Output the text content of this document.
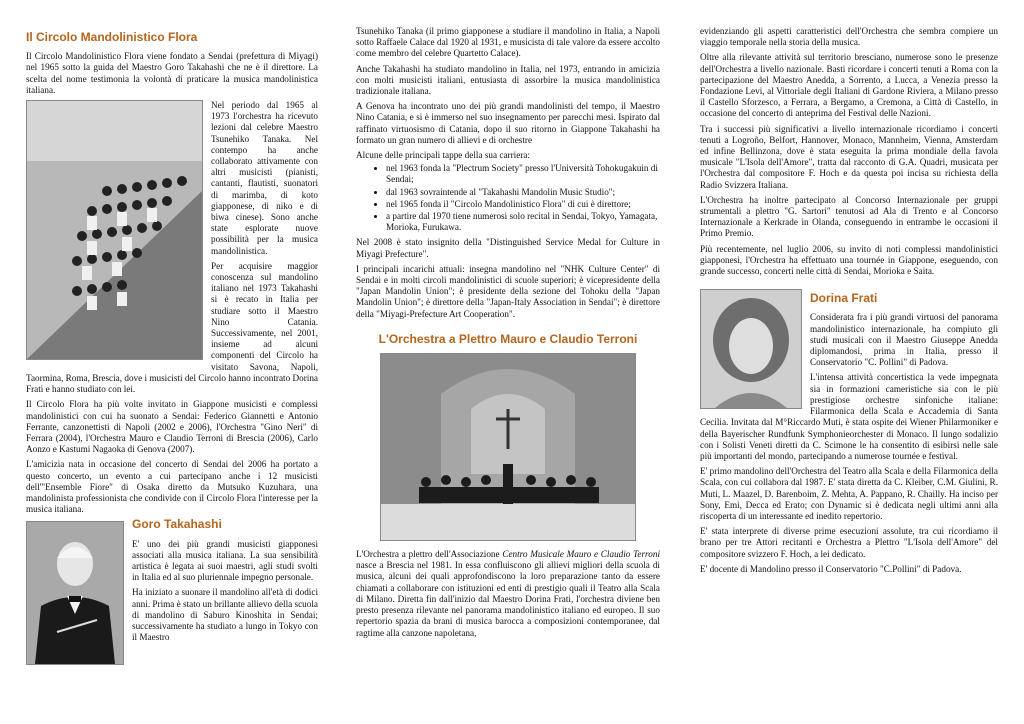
Il Circolo Mandolinistico Flora

Il Circolo Mandolinistico Flora viene fondato a Sendai (prefettura di Miyagi) nel 1965 sotto la guida del Maestro Goro Takahashi che ne è il direttore. La scelta del nome testimonia la volontà di praticare la musica mandolinistica italiana.

Nel periodo dal 1965 al 1973 l'orchestra ha ricevuto lezioni dal celebre Maestro Tsunehiko Tanaka. Nel contempo ha anche collaborato attivamente con altri musicisti (pianisti, cantanti, flautisti, suonatori di marimba, di koto giapponese, di niko e di biwa cinese). Sono anche state esplorate nuove possibilità per la musica mandolinistica.

Per acquisire maggior conoscenza sul mandolino italiano nel 1973 Takahashi si è recato in Italia per studiare sotto il Maestro Nino Catania. Successivamente, nel 2001, insieme ad alcuni componenti del Circolo ha visitato Savona, Napoli, Taormina, Roma, Brescia, dove i musicisti del Circolo hanno incontrato Dorina Frati e hanno studiato con lei.

Il Circolo Flora ha più volte invitato in Giappone musicisti e complessi mandolinistici con cui ha suonato a Sendai: Federico Giannetti e Antonio Ferrante, canzonettisti di Napoli (2002 e 2006), l'Orchestra "Gino Neri" di Ferrara (2004), l'Orchestra Mauro e Claudio Terroni di Brescia (2006), Carlo Aonzo e Kastumi Nagaoka di Genova (2007).

L'amicizia nata in occasione del concerto di Sendai del 2006 ha portato a questo concerto, un evento a cui partecipano anche i 12 musicisti dell'"Ensemble Fiore" di Osaka diretto da Mutsuko Kuzuhara, una mandolinista professionista che condivide con il Circolo Flora l'interesse per la musica italiana.

Goro Takahashi

E' uno dei più grandi musicisti giapponesi associati alla musica italiana. La sua sensibilità artistica è legata ai suoi maestri, agli studi svolti in Italia ed al suo pluriennale impegno personale.

Ha iniziato a suonare il mandolino all'età di dodici anni. Prima è stato un brillante allievo della scuola di mandolino di Saburo Kinoshita in Sendai; successivamente ha studiato a lungo in Tokyo con il Maestro

Tsunehiko Tanaka (il primo giapponese a studiare il mandolino in Italia, a Napoli sotto Raffaele Calace dal 1920 al 1931, e musicista di tale valore da essere accolto come membro del celebre Quartetto Calace).

Anche Takahashi ha studiato mandolino in Italia, nel 1973, entrando in amicizia con molti musicisti italiani, entusiasta di assorbire la musica mandolinistica tradizionale italiana.

A Genova ha incontrato uno dei più grandi mandolinisti del tempo, il Maestro Nino Catania, e si è immerso nel suo insegnamento per parecchi mesi. Ispirato dal raffinato virtuosismo di Catania, dopo il suo ritorno in Giappone Takahashi ha formato un gran numero di allievi e di orchestre

Alcune delle principali tappe della sua carriera:

• nel 1963 fonda la "Plectrum Society" presso l'Università Tohokugakuin di Sendai;
• dal 1963 sovraintende al "Takahashi Mandolin Music Studio";
• nel 1965 fonda il "Circolo Mandolinistico Flora" di cui è direttore;
• a partire dal 1970 tiene numerosi solo recital in Sendai, Tokyo, Yamagata, Morioka, Furukawa.

Nel 2008 è stato insignito della "Distinguished Service Medal for Culture in Miyagi Prefecture".

I principali incarichi attuali: insegna mandolino nel "NHK Culture Center" di Sendai e in molti circoli mandolinistici di scuole superiori; è vicepresidente della "Japan Mandolin Union"; è presidente della sezione del Tohoku della "Japan Mandolin Union"; è direttore della "Japan-Italy Association in Sendai"; è direttore della "Miyagi-Prefecture Art Cooperation".

L'Orchestra a Plettro Mauro e Claudio Terroni

L'Orchestra a plettro dell'Associazione Centro Musicale Mauro e Claudio Terroni nasce a Brescia nel 1981. In essa confluiscono gli allievi migliori della scuola di musica, alcuni dei quali approfondiscono la loro preparazione tanto da essere chiamati a collaborare con istituzioni ed enti di prestigio quali il Teatro alla Scala di Milano. Diretta fin dall'inizio dal Maestro Dorina Frati, l'orchestra diviene ben presto presenza rilevante nel panorama mandolinistico italiano ed europeo. Il suo repertorio spazia da brani di musica barocca a composizioni contemporanee, dal ragtime alla canzone napoletana,

evidenziando gli aspetti caratteristici dell'Orchestra che sembra compiere un viaggio temporale nella storia della musica.

Oltre alla rilevante attività sul territorio bresciano, numerose sono le presenze dell'Orchestra a livello nazionale. Basti ricordare i concerti tenuti a Roma con la partecipazione del Maestro Anedda, a Sorrento, a Lucca, a Venezia presso la Fondazione Levi, al Vittoriale degli Italiani di Gardone Riviera, a Milano presso il Castello Sforzesco, a Ferrara, a Bergamo, a Cremona, a Città di Castello, in occasione del concerto di anteprima del Festival delle Nazioni.

Tra i successi più significativi a livello internazionale ricordiamo i concerti tenuti a Logroño, Belfort, Hannover, Monaco, Mannheim, Vienna, Amsterdam ed infine Bellinzona, dove è stata eseguita la prima mondiale della favola musicale "L'Isola dell'Amore", tratta dal racconto di G.A. Quadri, musicata per l'Orchestra dal compositore F. Hoch e da questa poi incisa su richiesta della Radio Svizzera Italiana.

L'Orchestra ha inoltre partecipato al Concorso Internazionale per gruppi strumentali a plettro "G. Sartori" tenutosi ad Ala di Trento e al Concorso Internazionale a Kerkrade in Olanda, conseguendo in entrambe le occasioni il Primo Premio.

Più recentemente, nel luglio 2006, su invito di noti complessi mandolinistici giapponesi, l'Orchestra ha effettuato una tournée in Giappone, eseguendo, con grande successo, concerti nelle città di Sendai, Morioka e Saita.

Dorina Frati

Considerata fra i più grandi virtuosi del panorama mandolinistico internazionale, ha compiuto gli studi musicali con il Maestro Giuseppe Anedda diplomandosi, prima in Italia, presso il Conservatorio "C. Pollini" di Padova.

L'intensa attività concertistica la vede impegnata sia in formazioni cameristiche sia con le più prestigiose orchestre sinfoniche italiane: Filarmonica della Scala e Accademia di Santa Cecilia. Invitata dal M°Riccardo Muti, è stata ospite dei Wiener Philarmoniker e della Bayerischer Rundfunk Symphonieorchester di Monaco. Il lungo sodalizio con i Solisti Veneti diretti da C. Scimone le ha consentito di esibirsi nelle sale più importanti del mondo, partecipando a numerose tournée e festival.

E' primo mandolino dell'Orchestra del Teatro alla Scala e della Filarmonica della Scala, con cui collabora dal 1987. E' stata diretta da C. Kleiber, C.M. Giulini, R. Muti, L. Maazel, D. Barenboim, Z. Mehta, A. Pappano, R. Chailly. Ha inciso per Sony, Emi, Decca ed Erato; con Dynamic si è dedicata negli ultimi anni alla riscoperta di un interessante ed inedito repertorio.

E' stata interprete di diverse prime esecuzioni assolute, tra cui ricordiamo il brano per tre Attori recitanti e Orchestra a Plettro "L'Isola dell'Amore" del compositore svizzero F. Hoch, a lei dedicato.

E' docente di Mandolino presso il Conservatorio "C.Pollini" di Padova.
